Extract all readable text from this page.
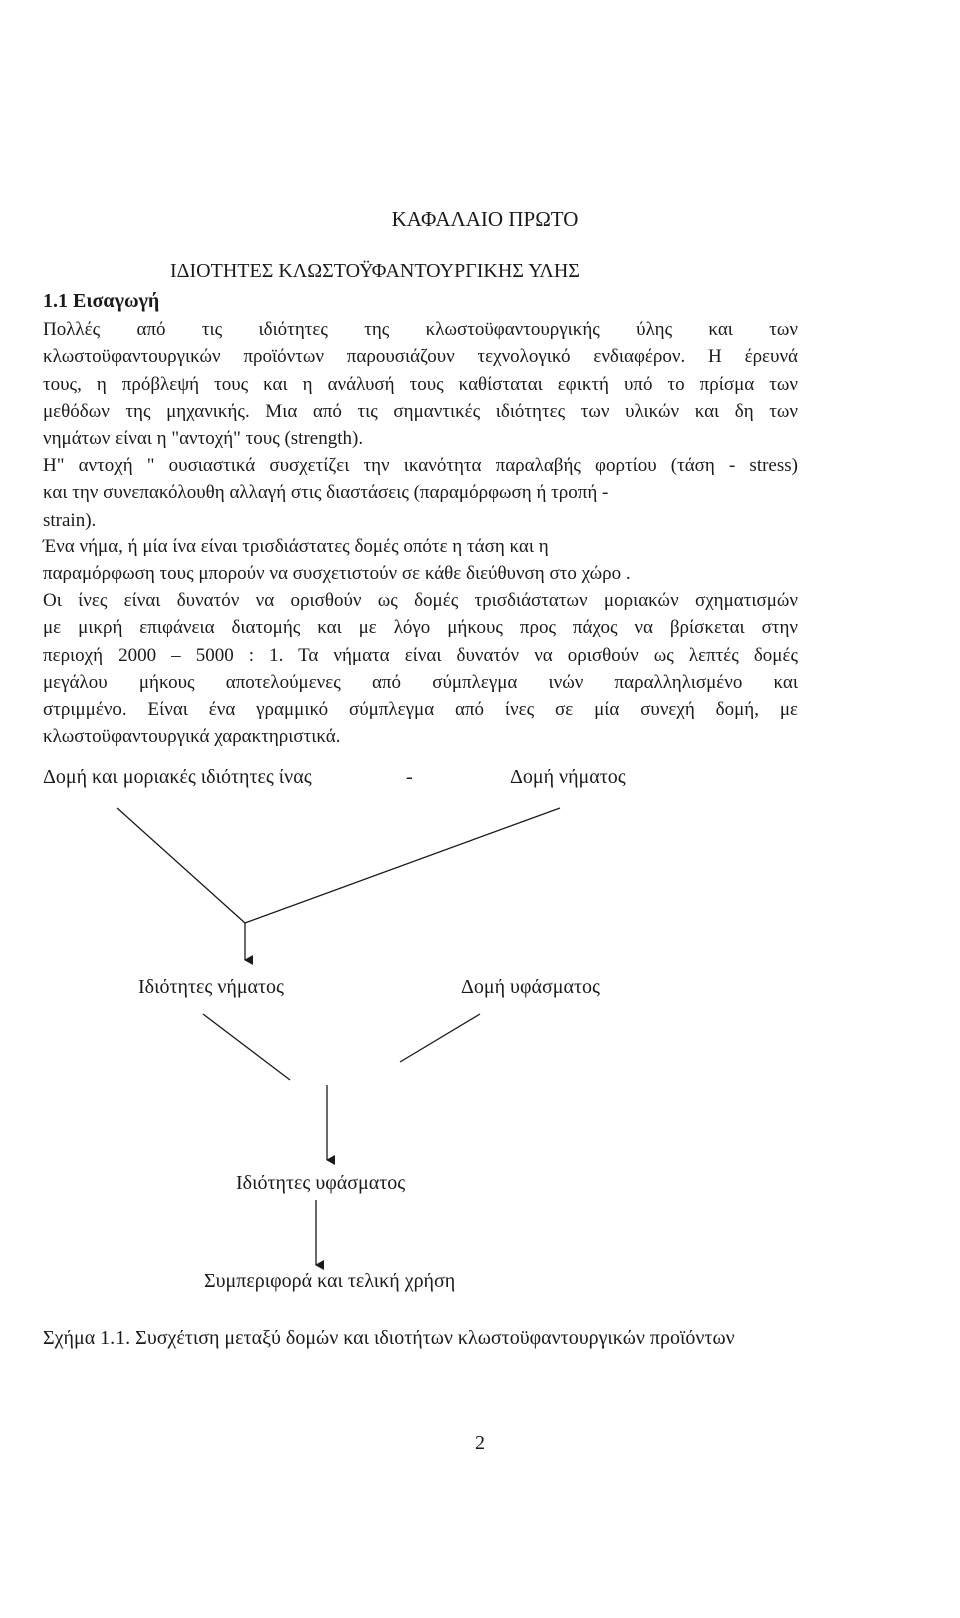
ΚΑΦΑΛΑΙΟ ΠΡΩΤΟ
ΙΔΙΟΤΗΤΕΣ ΚΛΩΣΤΟΫΦΑΝΤΟΥΡΓΙΚΗΣ ΥΛΗΣ
1.1 Εισαγωγή
Πολλές από τις ιδιότητες της κλωστοϋφαντουργικής ύλης και των
κλωστοϋφαντουργικών προϊόντων παρουσιάζουν τεχνολογικό ενδιαφέρον. Η έρευνά
τους, η πρόβλεψή τους και η ανάλυσή τους καθίσταται εφικτή υπό το πρίσμα των
μεθόδων της μηχανικής. Μια από τις σημαντικές ιδιότητες των υλικών και δη των
νημάτων είναι η "αντοχή" τους (strength).
Η" αντοχή " ουσιαστικά συσχετίζει την ικανότητα παραλαβής φορτίου (τάση - stress)
και την συνεπακόλουθη αλλαγή στις διαστάσεις (παραμόρφωση ή τροπή -
strain).
Ένα νήμα, ή μία ίνα είναι τρισδιάστατες δομές οπότε η τάση και η
παραμόρφωση τους μπορούν να συσχετιστούν σε κάθε διεύθυνση στο χώρο .
Οι ίνες είναι δυνατόν να ορισθούν ως δομές τρισδιάστατων μοριακών σχηματισμών
με μικρή επιφάνεια διατομής και με λόγο μήκους προς πάχος να βρίσκεται στην
περιοχή 2000 – 5000 : 1. Τα νήματα είναι δυνατόν να ορισθούν ως λεπτές δομές
μεγάλου μήκους αποτελούμενες από σύμπλεγμα ινών παραλληλισμένο και
στριμμένο. Είναι ένα γραμμικό σύμπλεγμα από ίνες σε μία συνεχή δομή, με
κλωστοϋφαντουργικά χαρακτηριστικά.
Δομή και μοριακές ιδιότητες ίνας	-	Δομή νήματος
Ιδιότητες νήματος	Δομή υφάσματος
Ιδιότητες υφάσματος
Συμπεριφορά και τελική χρήση
Σχήμα 1.1. Συσχέτιση μεταξύ δομών και ιδιοτήτων κλωστοϋφαντουργικών προϊόντων
2
